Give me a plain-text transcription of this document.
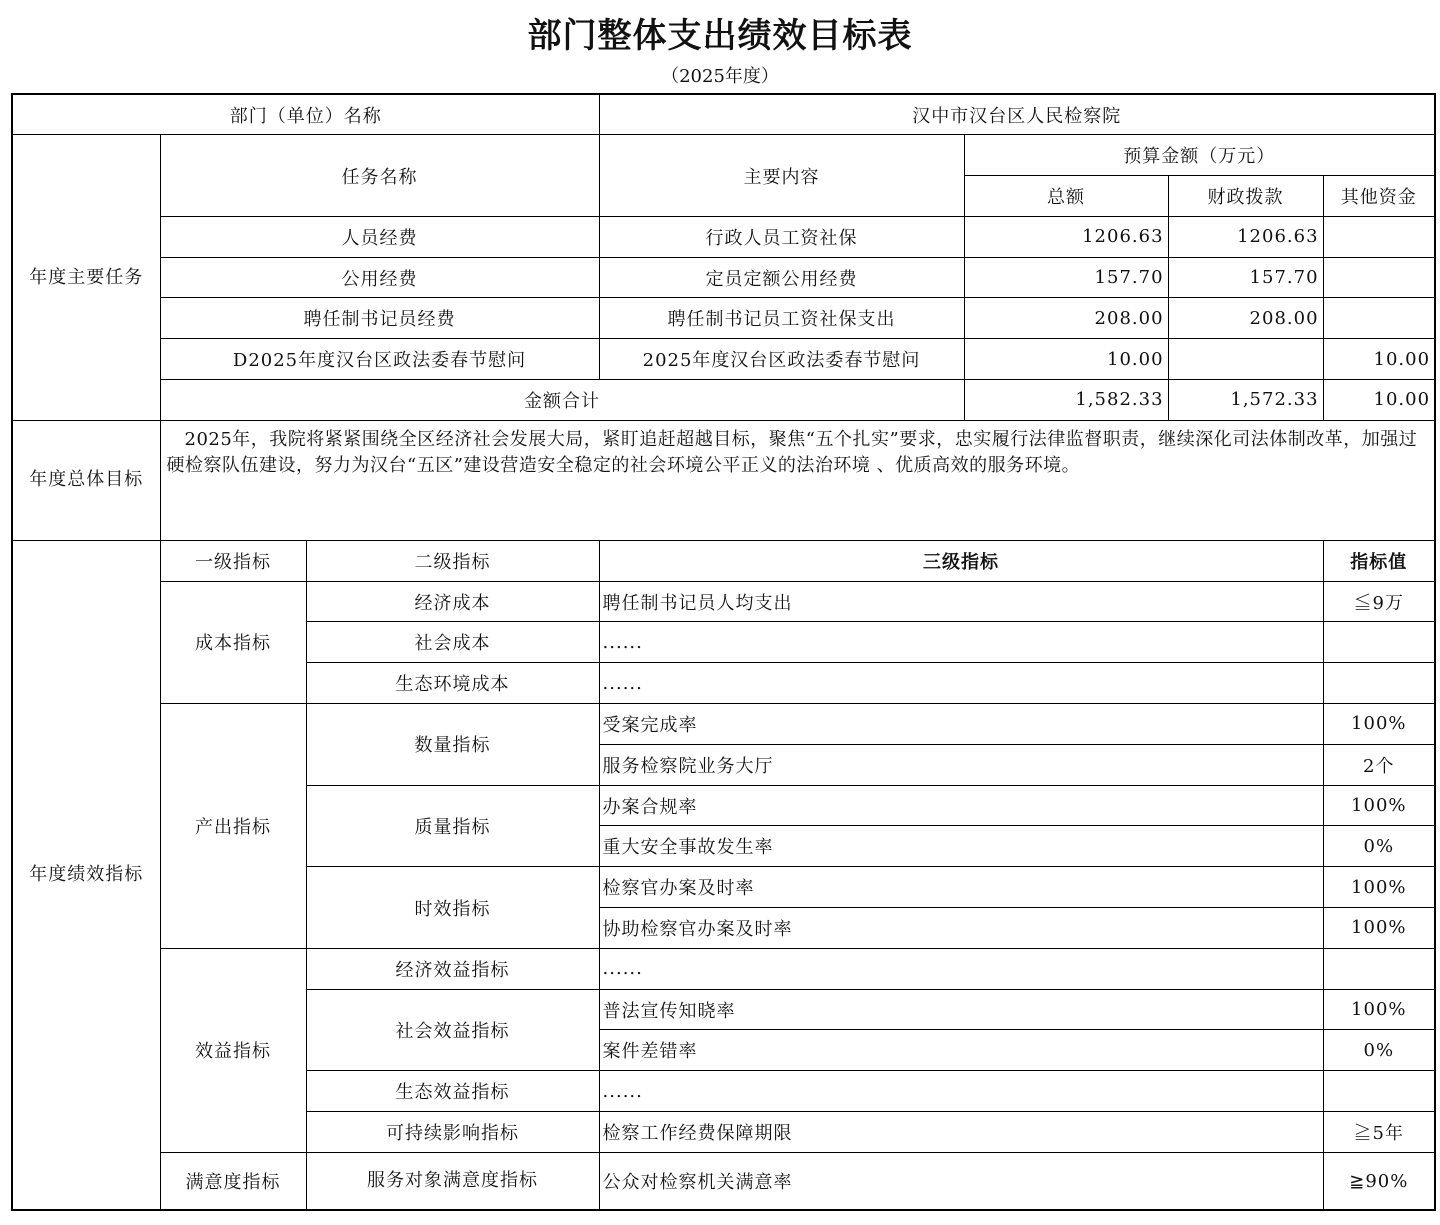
部门整体支出绩效目标表
（2025年度）
部门（单位）名称			汉中市汉台区人民检察院			
年度主要任务	任务名称		主要内容	预算金额（万元）		
				总额	财政拨款	其他资金
	人员经费		行政人员工资社保	1206.63	1206.63	
	公用经费		定员定额公用经费	157.70	157.70	
	聘任制书记员经费		聘任制书记员工资社保支出	208.00	208.00	
	D2025年度汉台区政法委春节慰问		2025年度汉台区政法委春节慰问	10.00		10.00
	金额合计			1,582.33	1,572.33	10.00
年度总体目标	2025年，我院将紧紧围绕全区经济社会发展大局，紧盯追赶超越目标，聚焦“五个扎实”要求，忠实履行法律监督职责，继续深化司法体制改革，加强过硬检察队伍建设，努力为汉台“五区”建设营造安全稳定的社会环境公平正义的法治环境 、优质高效的服务环境。					
年度绩效指标	一级指标	二级指标	三级指标			指标值
	成本指标	经济成本	聘任制书记员人均支出			≦9万
		社会成本	......			
		生态环境成本	......			
	产出指标	数量指标	受案完成率			100%
			服务检察院业务大厅			2个
		质量指标	办案合规率			100%
			重大安全事故发生率			0%
		时效指标	检察官办案及时率			100%
			协助检察官办案及时率			100%
	效益指标	经济效益指标	......			
		社会效益指标	普法宣传知晓率			100%
			案件差错率			0%
		生态效益指标	......			
		可持续影响指标	检察工作经费保障期限			≧5年
	满意度指标	服务对象满意度指标	公众对检察机关满意率			≧90%
